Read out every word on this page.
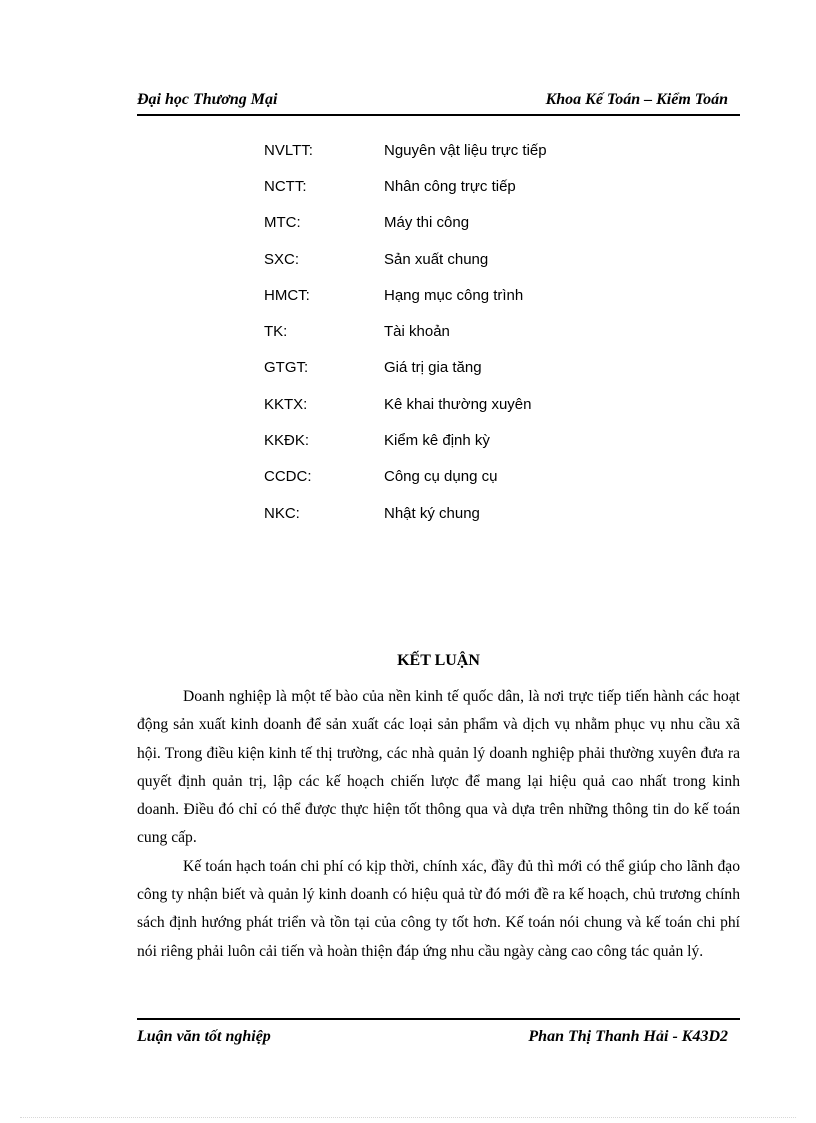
Đại học Thương Mại	Khoa Kế Toán – Kiểm Toán
NVLTT:	Nguyên vật liệu trực tiếp
NCTT:	Nhân công trực tiếp
MTC:	Máy thi công
SXC:	Sản xuất chung
HMCT:	Hạng mục công trình
TK:	Tài khoản
GTGT:	Giá trị gia tăng
KKTX:	Kê khai thường xuyên
KKĐK:	Kiểm kê định kỳ
CCDC:	Công cụ dụng cụ
NKC:	Nhật ký chung
KẾT LUẬN

Doanh nghiệp là một tế bào của nền kinh tế quốc dân, là nơi trực tiếp tiến hành các hoạt động sản xuất kinh doanh để sản xuất các loại sản phẩm và dịch vụ nhằm phục vụ nhu cầu xã hội. Trong điều kiện kinh tế thị trường, các nhà quản lý doanh nghiệp phải thường xuyên đưa ra quyết định quản trị, lập các kế hoạch chiến lược để mang lại hiệu quả cao nhất trong kinh doanh. Điều đó chỉ có thể được thực hiện tốt thông qua và dựa trên những thông tin do kế toán cung cấp.

Kế toán hạch toán chi phí có kịp thời, chính xác, đầy đủ thì mới có thể giúp cho lãnh đạo công ty nhận biết và quản lý kinh doanh có hiệu quả từ đó mới đề ra kế hoạch, chủ trương chính sách định hướng phát triển và tồn tại của công ty tốt hơn. Kế toán nói chung và kế toán chi phí nói riêng phải luôn cải tiến và hoàn thiện đáp ứng nhu cầu ngày càng cao công tác quản lý.

Luận văn tốt nghiệp	Phan Thị Thanh Hải - K43D2
